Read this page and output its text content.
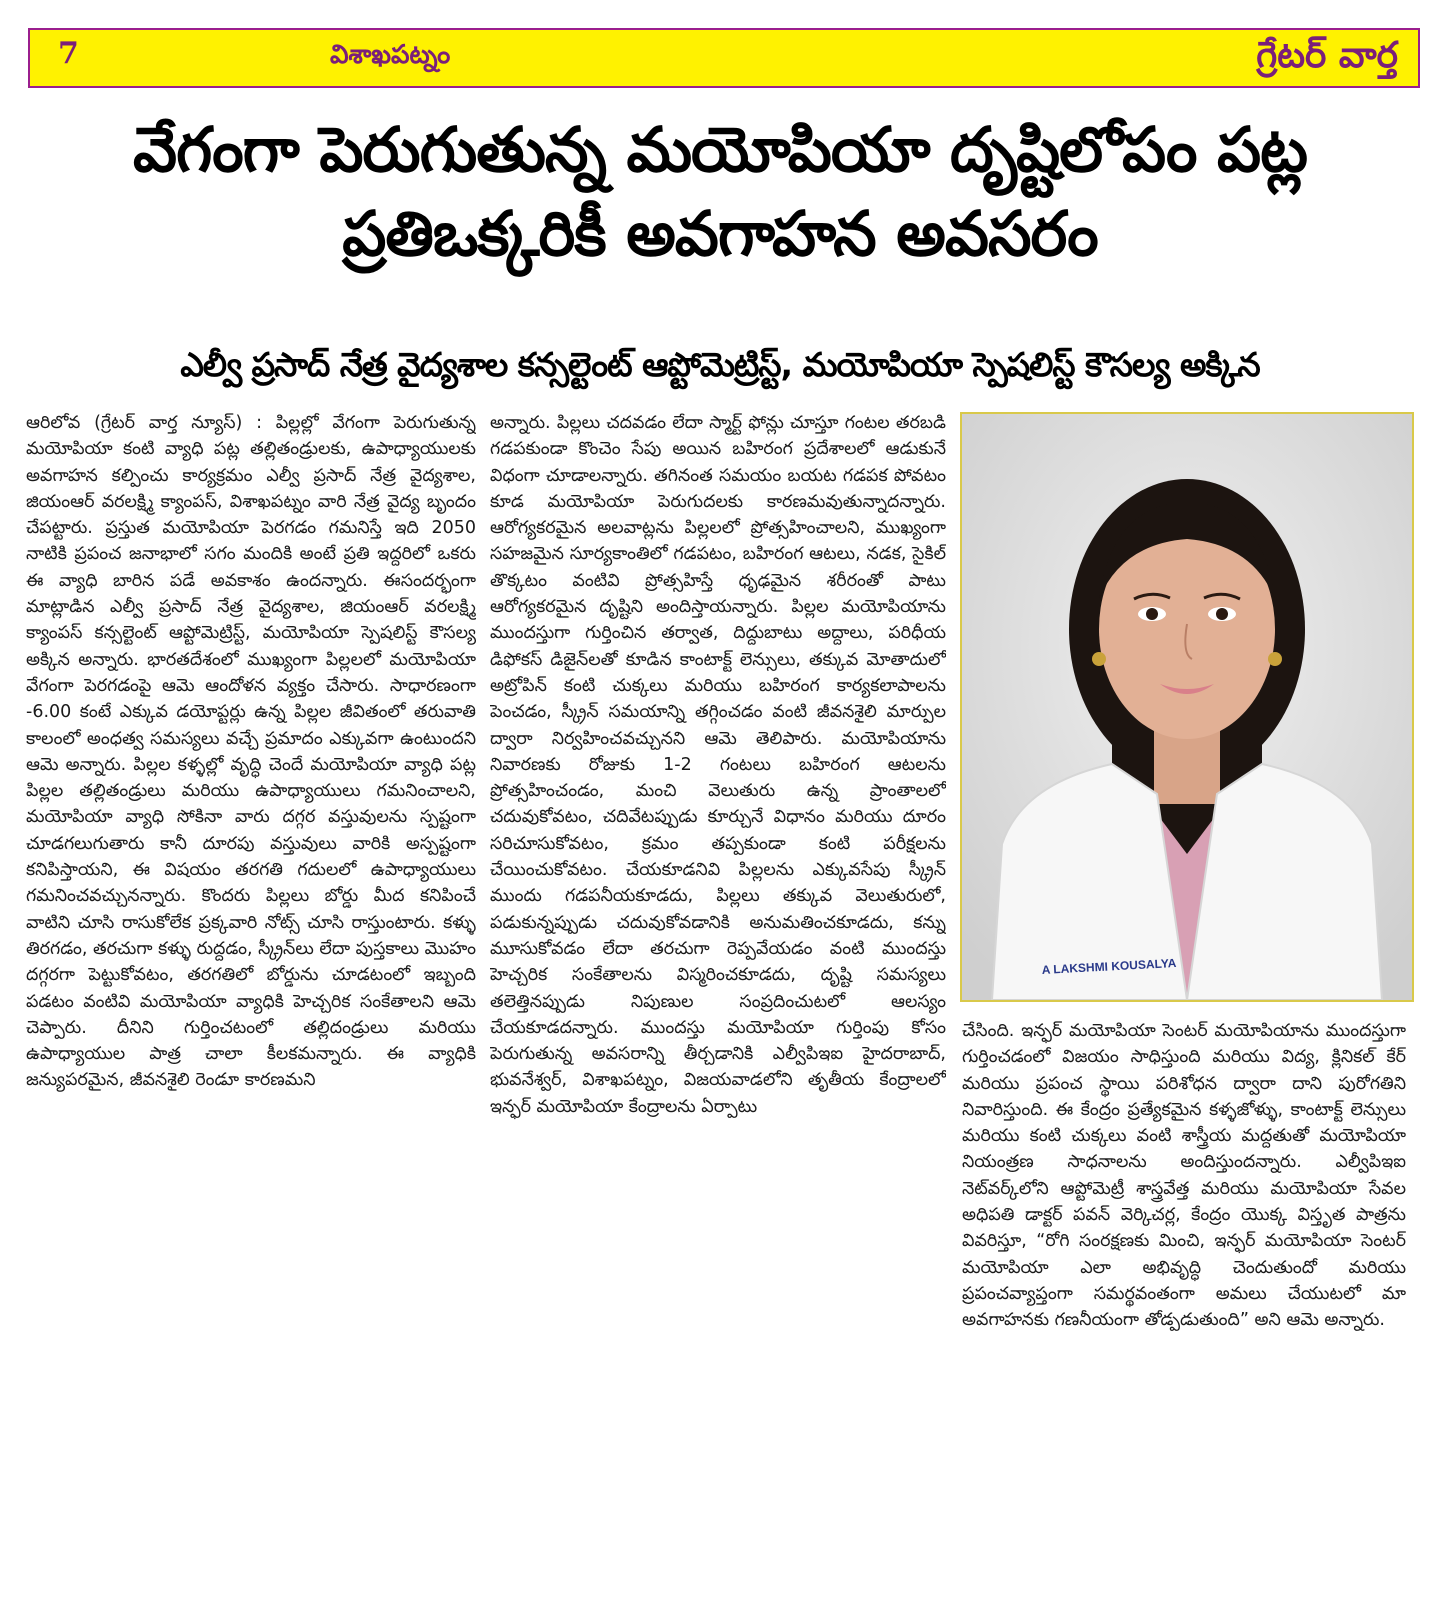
7	విశాఖపట్నం	గ్రేటర్ వార్త
వేగంగా పెరుగుతున్న మయోపియా దృష్టిలోపం పట్ల ప్రతిఒక్కరికీ అవగాహన అవసరం
ఎల్వీ ప్రసాద్ నేత్ర వైద్యశాల కన్సల్టెంట్ ఆప్టోమెట్రిస్ట్, మయోపియా స్పెషలిస్ట్ కౌసల్య అక్కిన
ఆరిలోవ (గ్రేటర్ వార్త న్యూస్) : పిల్లల్లో వేగంగా పెరుగుతున్న మయోపియా కంటి వ్యాధి పట్ల తల్లితండ్రులకు, ఉపాధ్యాయులకు అవగాహన కల్పించు కార్యక్రమం ఎల్వీ ప్రసాద్ నేత్ర వైద్యశాల, జియంఆర్ వరలక్ష్మి క్యాంపస్, విశాఖపట్నం వారి నేత్ర వైద్య బృందం చేపట్టారు. ప్రస్తుత మయోపియా పెరగడం గమనిస్తే ఇది 2050 నాటికి ప్రపంచ జనాభాలో సగం మందికి అంటే ప్రతి ఇద్దరిలో ఒకరు ఈ వ్యాధి బారిన పడే అవకాశం ఉందన్నారు. ఈసందర్భంగా మాట్లాడిన ఎల్వీ ప్రసాద్ నేత్ర వైద్యశాల, జియంఆర్ వరలక్ష్మి క్యాంపస్ కన్సల్టెంట్ ఆప్టోమెట్రిస్ట్, మయోపియా స్పెషలిస్ట్ కౌసల్య అక్కిన అన్నారు. భారతదేశంలో ముఖ్యంగా పిల్లలలో మయోపియా వేగంగా పెరగడంపై ఆమె ఆందోళన వ్యక్తం చేసారు. సాధారణంగా -6.00 కంటే ఎక్కువ డయోప్టర్లు ఉన్న పిల్లల జీవితంలో తరువాతి కాలంలో అంధత్వ సమస్యలు వచ్చే ప్రమాదం ఎక్కువగా ఉంటుందని ఆమె అన్నారు. పిల్లల కళ్ళల్లో వృద్ధి చెందే మయోపియా వ్యాధి పట్ల పిల్లల తల్లితండ్రులు మరియు ఉపాధ్యాయులు గమనించాలని, మయోపియా వ్యాధి సోకినా వారు దగ్గర వస్తువులను స్పష్టంగా చూడగలుగుతారు కానీ దూరపు వస్తువులు వారికి అస్పష్టంగా కనిపిస్తాయని, ఈ విషయం తరగతి గదులలో ఉపాధ్యాయులు గమనించవచ్చునన్నారు. కొందరు పిల్లలు బోర్డు మీద కనిపించే వాటిని చూసి రాసుకోలేక ప్రక్కవారి నోట్స్ చూసి రాస్తుంటారు. కళ్ళు తిరగడం, తరచుగా కళ్ళు రుద్దడం, స్క్రీన్‌లు లేదా పుస్తకాలు మొహం దగ్గరగా పెట్టుకోవటం, తరగతిలో బోర్డును చూడటంలో ఇబ్బంది పడటం వంటివి మయోపియా వ్యాధికి హెచ్చరిక సంకేతాలని ఆమె చెప్పారు. దీనిని గుర్తించటంలో తల్లిదండ్రులు మరియు ఉపాధ్యాయుల పాత్ర చాలా కీలకమన్నారు. ఈ వ్యాధికి జన్యుపరమైన, జీవనశైలి రెండూ కారణమని
అన్నారు. పిల్లలు చదవడం లేదా స్మార్ట్ ఫోన్లు చూస్తూ గంటల తరబడి గడపకుండా కొంచెం సేపు అయిన బహిరంగ ప్రదేశాలలో ఆడుకునే విధంగా చూడాలన్నారు. తగినంత సమయం బయట గడపక పోవటం కూడ మయోపియా పెరుగుదలకు కారణమవుతున్నాదన్నారు. ఆరోగ్యకరమైన అలవాట్లను పిల్లలలో ప్రోత్సహించాలని, ముఖ్యంగా సహజమైన సూర్యకాంతిలో గడపటం, బహిరంగ ఆటలు, నడక, సైకిల్ తొక్కటం వంటివి ప్రోత్సహిస్తే ధృఢమైన శరీరంతో పాటు ఆరోగ్యకరమైన దృష్టిని అందిస్తాయన్నారు. పిల్లల మయోపియాను ముందస్తుగా గుర్తించిన తర్వాత, దిద్దుబాటు అద్దాలు, పరిధీయ డిఫోకస్ డిజైన్‌లతో కూడిన కాంటాక్ట్ లెన్సులు, తక్కువ మోతాదులో అట్రోపిన్ కంటి చుక్కలు మరియు బహిరంగ కార్యకలాపాలను పెంచడం, స్క్రీన్ సమయాన్ని తగ్గించడం వంటి జీవనశైలి మార్పుల ద్వారా నిర్వహించవచ్చునని ఆమె తెలిపారు. మయోపియాను నివారణకు రోజుకు 1-2 గంటలు బహిరంగ ఆటలను ప్రోత్సహించండం, మంచి వెలుతురు ఉన్న ప్రాంతాలలో చదువుకోవటం, చదివేటప్పుడు కూర్చునే విధానం మరియు దూరం సరిచూసుకోవటం, క్రమం తప్పకుండా కంటి పరీక్షలను చేయించుకోవటం. చేయకూడనివి పిల్లలను ఎక్కువసేపు స్క్రీన్ ముందు గడపనీయకూడదు, పిల్లలు తక్కువ వెలుతురులో, పడుకున్నప్పుడు చదువుకోవడానికి అనుమతించకూడదు, కన్ను మూసుకోవడం లేదా తరచుగా రెప్పవేయడం వంటి ముందస్తు హెచ్చరిక సంకేతాలను విస్మరించకూడదు, దృష్టి సమస్యలు తలెత్తినప్పుడు నిపుణుల సంప్రదించుటలో ఆలస్యం చేయకూడదన్నారు. ముందస్తు మయోపియా గుర్తింపు కోసం పెరుగుతున్న అవసరాన్ని తీర్చడానికి ఎల్వీపిఇఐ హైదరాబాద్, భువనేశ్వర్, విశాఖపట్నం, విజయవాడలోని తృతీయ కేంద్రాలలో ఇన్ఫర్ మయోపియా కేంద్రాలను ఏర్పాటు
A LAKSHMI KOUSALYA
చేసింది. ఇన్ఫర్ మయోపియా సెంటర్ మయోపియాను ముందస్తుగా గుర్తించడంలో విజయం సాధిస్తుంది మరియు విద్య, క్లినికల్ కేర్ మరియు ప్రపంచ స్థాయి పరిశోధన ద్వారా దాని పురోగతిని నివారిస్తుంది. ఈ కేంద్రం ప్రత్యేకమైన కళ్ళజోళ్ళు, కాంటాక్ట్ లెన్సులు మరియు కంటి చుక్కలు వంటి శాస్త్రీయ మద్దతుతో మయోపియా నియంత్రణ సాధనాలను అందిస్తుందన్నారు. ఎల్వీపిఇఐ నెట్‌వర్క్‌లోని ఆప్టోమెట్రీ శాస్త్రవేత్త మరియు మయోపియా సేవల అధిపతి డాక్టర్ పవన్ వెర్కిచర్ల, కేంద్రం యొక్క విస్తృత పాత్రను వివరిస్తూ, “రోగి సంరక్షణకు మించి, ఇన్ఫర్ మయోపియా సెంటర్ మయోపియా ఎలా అభివృద్ధి చెందుతుందో మరియు ప్రపంచవ్యాప్తంగా సమర్థవంతంగా అమలు చేయుటలో మా అవగాహనకు గణనీయంగా తోడ్పడుతుంది” అని ఆమె అన్నారు.
